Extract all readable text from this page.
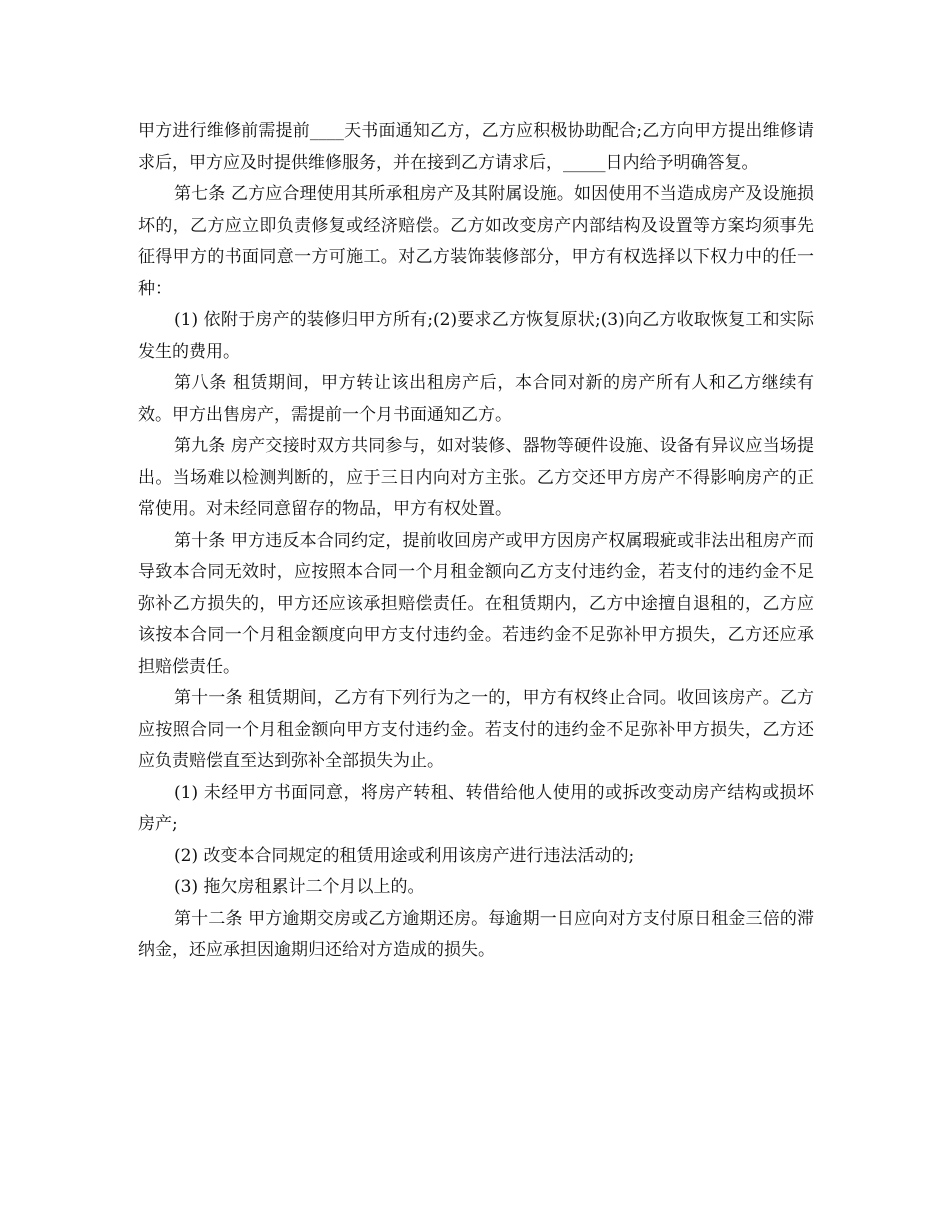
甲方进行维修前需提前____天书面通知乙方，乙方应积极协助配合;乙方向甲方提出维修请求后，甲方应及时提供维修服务，并在接到乙方请求后，_____日内给予明确答复。

第七条 乙方应合理使用其所承租房产及其附属设施。如因使用不当造成房产及设施损坏的，乙方应立即负责修复或经济赔偿。乙方如改变房产内部结构及设置等方案均须事先征得甲方的书面同意一方可施工。对乙方装饰装修部分，甲方有权选择以下权力中的任一种：

(1) 依附于房产的装修归甲方所有;(2)要求乙方恢复原状;(3)向乙方收取恢复工和实际发生的费用。

第八条 租赁期间，甲方转让该出租房产后，本合同对新的房产所有人和乙方继续有效。甲方出售房产，需提前一个月书面通知乙方。

第九条 房产交接时双方共同参与，如对装修、器物等硬件设施、设备有异议应当场提出。当场难以检测判断的，应于三日内向对方主张。乙方交还甲方房产不得影响房产的正常使用。对未经同意留存的物品，甲方有权处置。

第十条 甲方违反本合同约定，提前收回房产或甲方因房产权属瑕疵或非法出租房产而 导致本合同无效时，应按照本合同一个月租金额向乙方支付违约金，若支付的违约金不足弥补乙方损失的，甲方还应该承担赔偿责任。在租赁期内，乙方中途擅自退租的，乙方应该按本合同一个月租金额度向甲方支付违约金。若违约金不足弥补甲方损失，乙方还应承担赔偿责任。

第十一条 租赁期间，乙方有下列行为之一的，甲方有权终止合同。收回该房产。乙方应按照合同一个月租金额向甲方支付违约金。若支付的违约金不足弥补甲方损失，乙方还应负责赔偿直至达到弥补全部损失为止。

(1) 未经甲方书面同意，将房产转租、转借给他人使用的或拆改变动房产结构或损坏房产;

(2) 改变本合同规定的租赁用途或利用该房产进行违法活动的;

(3) 拖欠房租累计二个月以上的。

第十二条 甲方逾期交房或乙方逾期还房。每逾期一日应向对方支付原日租金三倍的滞纳金，还应承担因逾期归还给对方造成的损失。
